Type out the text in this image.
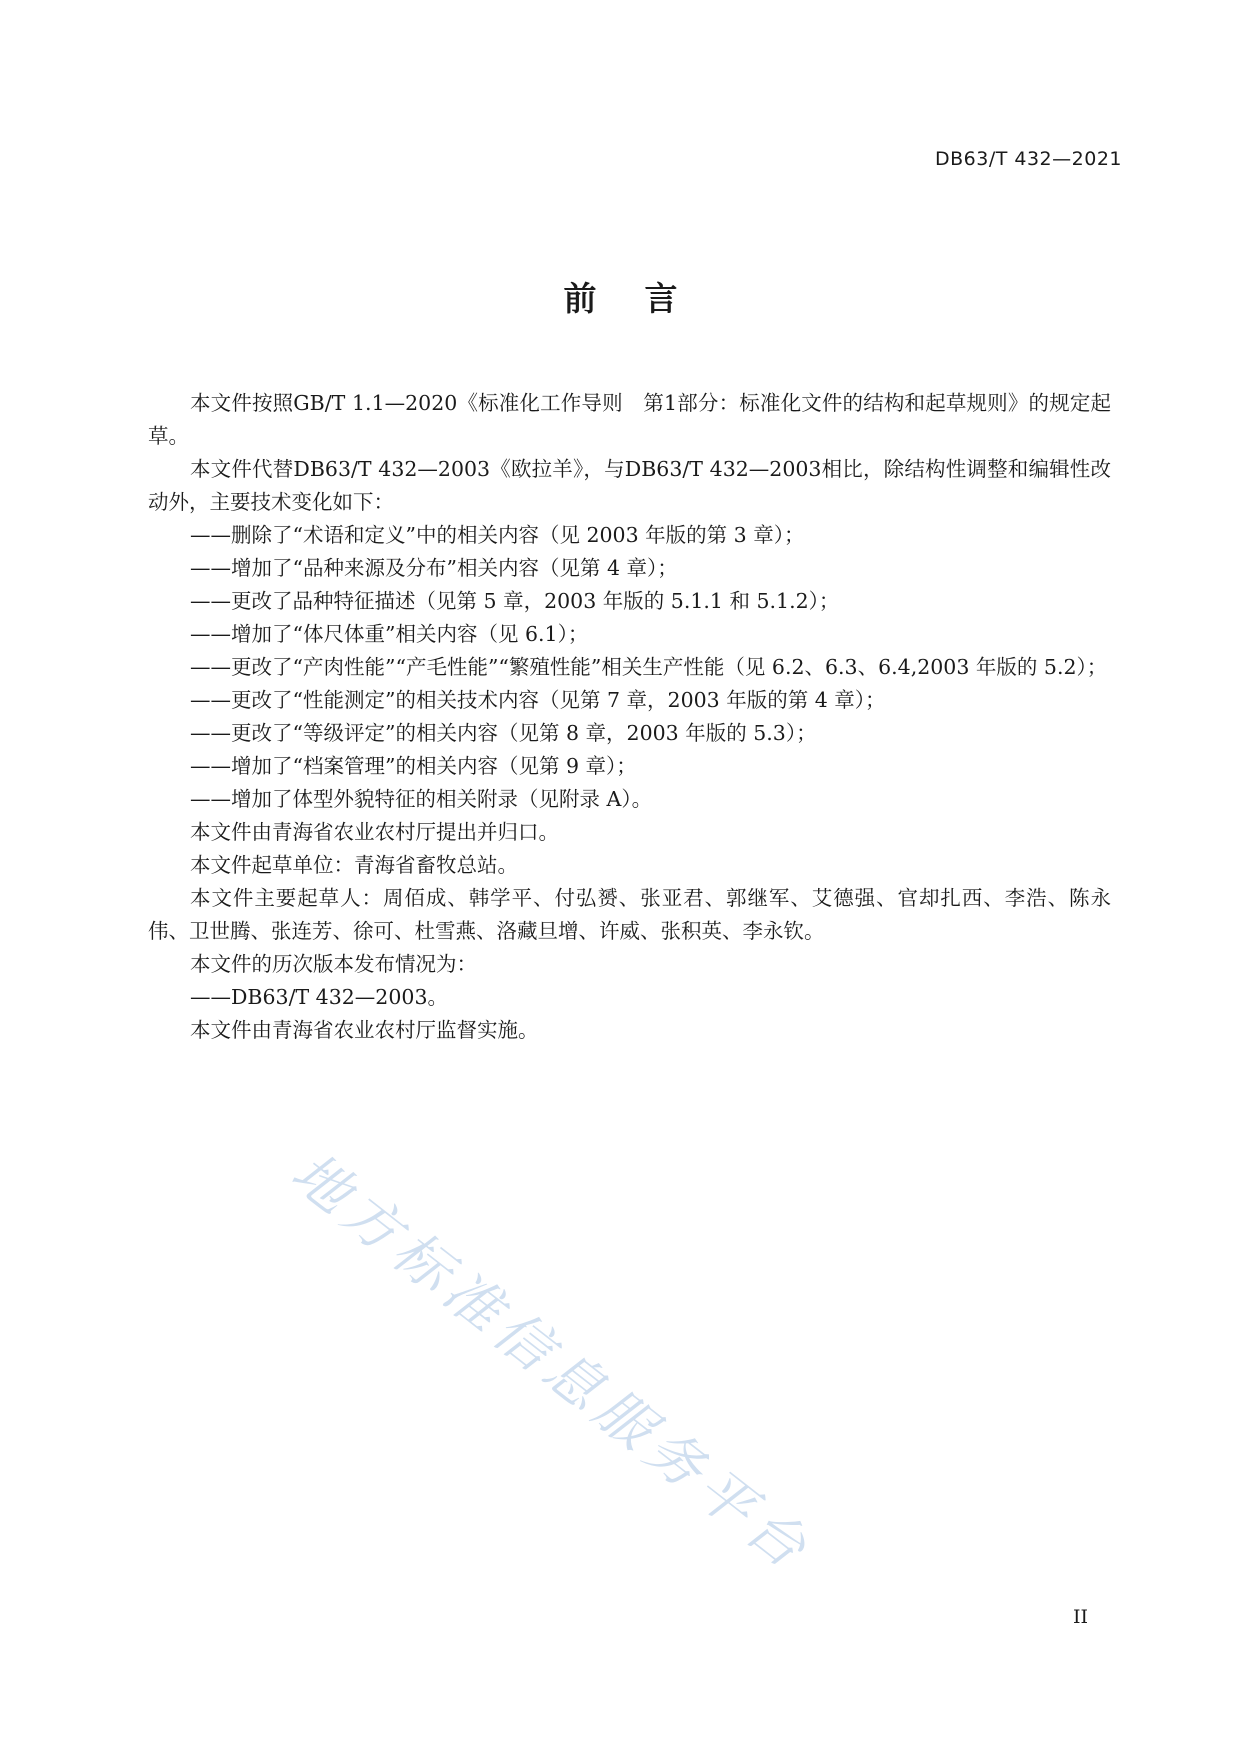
DB63/T 432—2021
前言

本文件按照GB/T 1.1—2020《标准化工作导则　第1部分：标准化文件的结构和起草规则》的规定起草。

本文件代替DB63/T 432—2003《欧拉羊》，与DB63/T 432—2003相比，除结构性调整和编辑性改动外，主要技术变化如下：

——删除了“术语和定义”中的相关内容（见 2003 年版的第 3 章）；

——增加了“品种来源及分布”相关内容（见第 4 章）；

——更改了品种特征描述（见第 5 章，2003 年版的 5.1.1 和 5.1.2）；

——增加了“体尺体重”相关内容（见 6.1）；

——更改了“产肉性能”“产毛性能”“繁殖性能”相关生产性能（见 6.2、6.3、6.4,2003 年版的 5.2）；

——更改了“性能测定”的相关技术内容（见第 7 章，2003 年版的第 4 章）；

——更改了“等级评定”的相关内容（见第 8 章，2003 年版的 5.3）；

——增加了“档案管理”的相关内容（见第 9 章）；

——增加了体型外貌特征的相关附录（见附录 A）。

本文件由青海省农业农村厅提出并归口。

本文件起草单位：青海省畜牧总站。

本文件主要起草人：周佰成、韩学平、付弘赟、张亚君、郭继军、艾德强、官却扎西、李浩、陈永伟、卫世腾、张连芳、徐可、杜雪燕、洛藏旦增、许威、张积英、李永钦。

本文件的历次版本发布情况为：

——DB63/T 432—2003。

本文件由青海省农业农村厅监督实施。

地方标准信息服务平台
II
